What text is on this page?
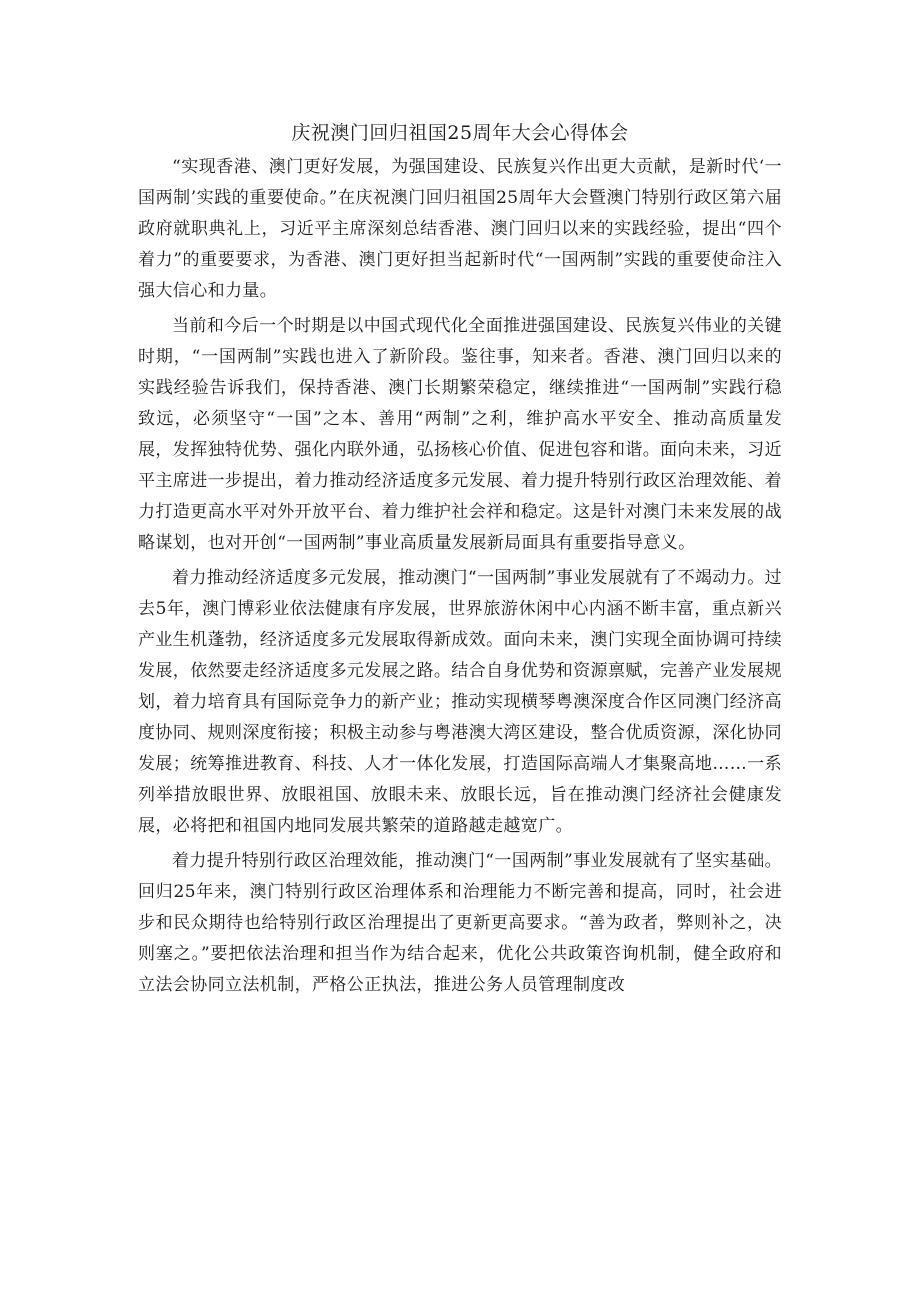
庆祝澳门回归祖国25周年大会心得体会

“实现香港、澳门更好发展，为强国建设、民族复兴作出更大贡献，是新时代‘一国两制’实践的重要使命。”在庆祝澳门回归祖国25周年大会暨澳门特别行政区第六届政府就职典礼上，习近平主席深刻总结香港、澳门回归以来的实践经验，提出“四个着力”的重要要求，为香港、澳门更好担当起新时代“一国两制”实践的重要使命注入强大信心和力量。

当前和今后一个时期是以中国式现代化全面推进强国建设、民族复兴伟业的关键时期，“一国两制”实践也进入了新阶段。鉴往事，知来者。香港、澳门回归以来的实践经验告诉我们，保持香港、澳门长期繁荣稳定，继续推进“一国两制”实践行稳致远，必须坚守“一国”之本、善用“两制”之利，维护高水平安全、推动高质量发展，发挥独特优势、强化内联外通，弘扬核心价值、促进包容和谐。面向未来，习近平主席进一步提出，着力推动经济适度多元发展、着力提升特别行政区治理效能、着力打造更高水平对外开放平台、着力维护社会祥和稳定。这是针对澳门未来发展的战略谋划，也对开创“一国两制”事业高质量发展新局面具有重要指导意义。

着力推动经济适度多元发展，推动澳门“一国两制”事业发展就有了不竭动力。过去5年，澳门博彩业依法健康有序发展，世界旅游休闲中心内涵不断丰富，重点新兴产业生机蓬勃，经济适度多元发展取得新成效。面向未来，澳门实现全面协调可持续发展，依然要走经济适度多元发展之路。结合自身优势和资源禀赋，完善产业发展规划，着力培育具有国际竞争力的新产业；推动实现横琴粤澳深度合作区同澳门经济高度协同、规则深度衔接；积极主动参与粤港澳大湾区建设，整合优质资源，深化协同发展；统筹推进教育、科技、人才一体化发展，打造国际高端人才集聚高地……一系列举措放眼世界、放眼祖国、放眼未来、放眼长远，旨在推动澳门经济社会健康发展，必将把和祖国内地同发展共繁荣的道路越走越宽广。

着力提升特别行政区治理效能，推动澳门“一国两制”事业发展就有了坚实基础。回归25年来，澳门特别行政区治理体系和治理能力不断完善和提高，同时，社会进步和民众期待也给特别行政区治理提出了更新更高要求。“善为政者，弊则补之，决则塞之。”要把依法治理和担当作为结合起来，优化公共政策咨询机制，健全政府和立法会协同立法机制，严格公正执法，推进公务人员管理制度改
